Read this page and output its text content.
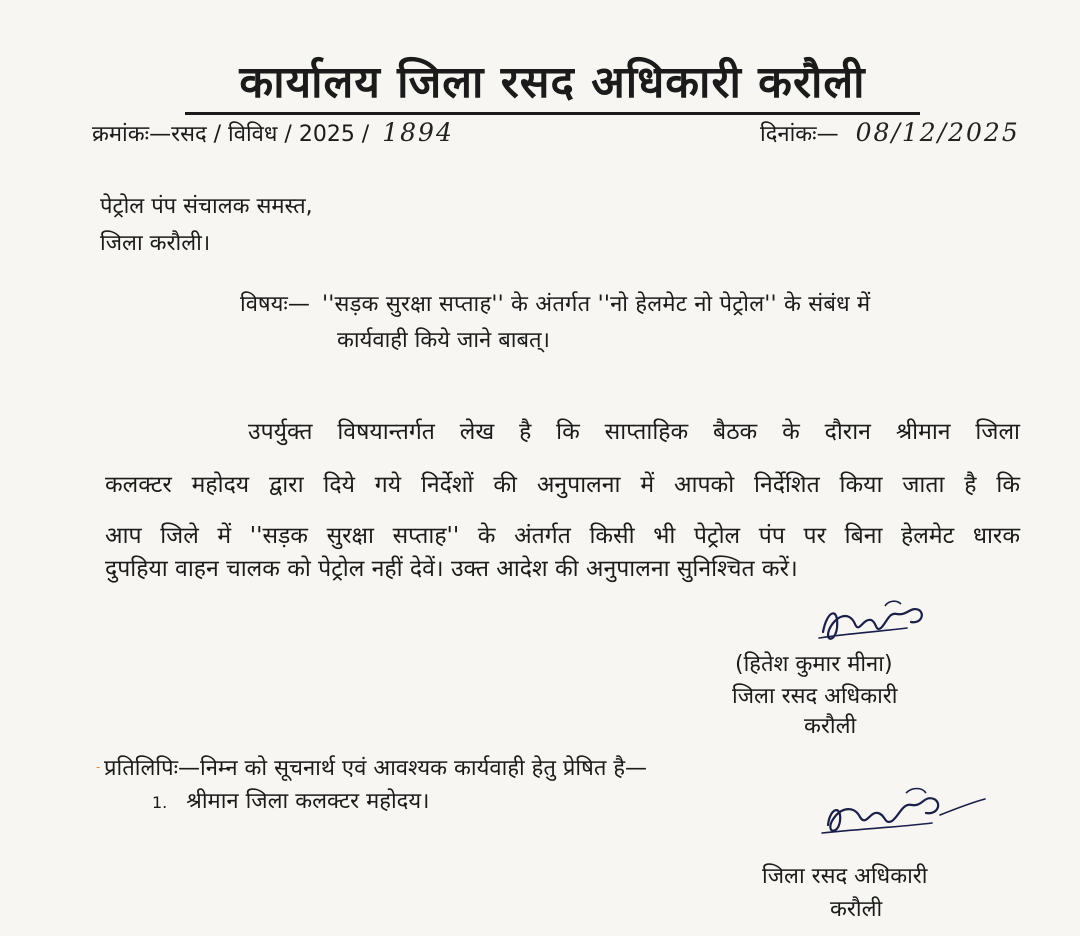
कार्यालय जिला रसद अधिकारी करौली
क्रमांकः—रसद / विविध / 2025 / 1894	दिनांकः— 08/12/2025
पेट्रोल पंप संचालक समस्त,
जिला करौली।
विषयः— ''सड़क सुरक्षा सप्ताह'' के अंतर्गत ''नो हेलमेट नो पेट्रोल'' के संबंध में
कार्यवाही किये जाने बाबत्।
उपर्युक्त विषयान्तर्गत लेख है कि साप्ताहिक बैठक के दौरान श्रीमान जिला
कलक्टर महोदय द्वारा दिये गये निर्देशों की अनुपालना में आपको निर्देशित किया जाता है कि
आप जिले में ''सड़क सुरक्षा सप्ताह'' के अंतर्गत किसी भी पेट्रोल पंप पर बिना हेलमेट धारक
दुपहिया वाहन चालक को पेट्रोल नहीं देवें। उक्त आदेश की अनुपालना सुनिश्चित करें।
(हितेश कुमार मीना)
जिला रसद अधिकारी
करौली
- प्रतिलिपिः—निम्न को सूचनार्थ एवं आवश्यक कार्यवाही हेतु प्रेषित है—
1. श्रीमान जिला कलक्टर महोदय।
जिला रसद अधिकारी
करौली
